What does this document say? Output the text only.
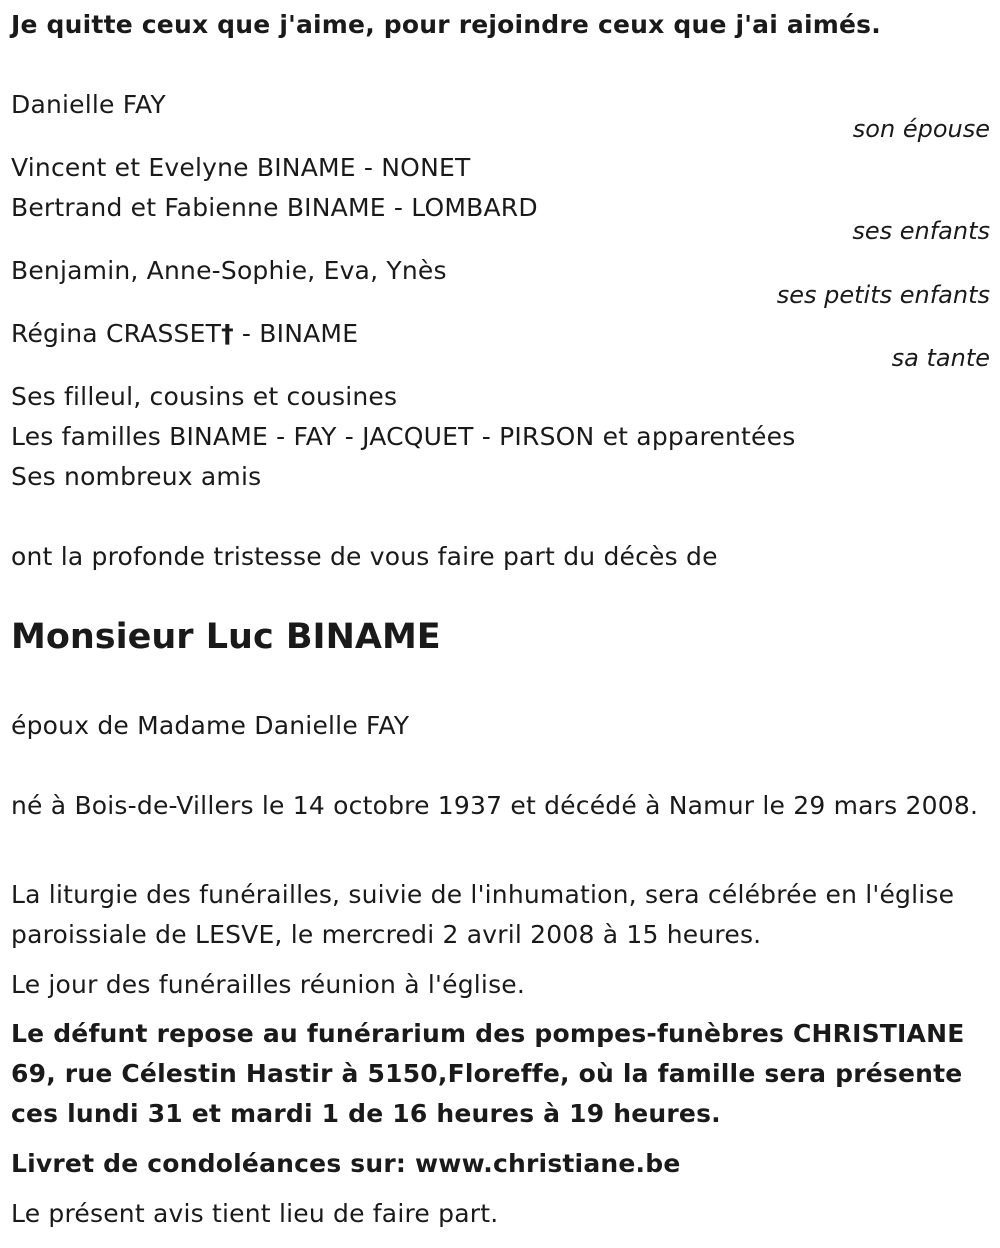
Je quitte ceux que j'aime, pour rejoindre ceux que j'ai aimés.
Danielle FAY
son épouse
Vincent et Evelyne BINAME - NONET
Bertrand et Fabienne BINAME - LOMBARD
ses enfants
Benjamin, Anne-Sophie, Eva, Ynès
ses petits enfants
Régina CRASSET† - BINAME
sa tante
Ses filleul, cousins et cousines
Les familles BINAME - FAY - JACQUET - PIRSON et apparentées
Ses nombreux amis
ont la profonde tristesse de vous faire part du décès de
Monsieur Luc BINAME
époux de Madame Danielle FAY
né à Bois-de-Villers le 14 octobre 1937 et décédé à Namur le 29 mars 2008.
La liturgie des funérailles, suivie de l'inhumation, sera célébrée en l'église paroissiale de LESVE, le mercredi 2 avril 2008 à 15 heures.
Le jour des funérailles réunion à l'église.
Le défunt repose au funérarium des pompes-funèbres CHRISTIANE 69, rue Célestin Hastir à 5150,Floreffe, où la famille sera présente ces lundi 31 et mardi 1 de 16 heures à 19 heures.
Livret de condoléances sur: www.christiane.be
Le présent avis tient lieu de faire part.
